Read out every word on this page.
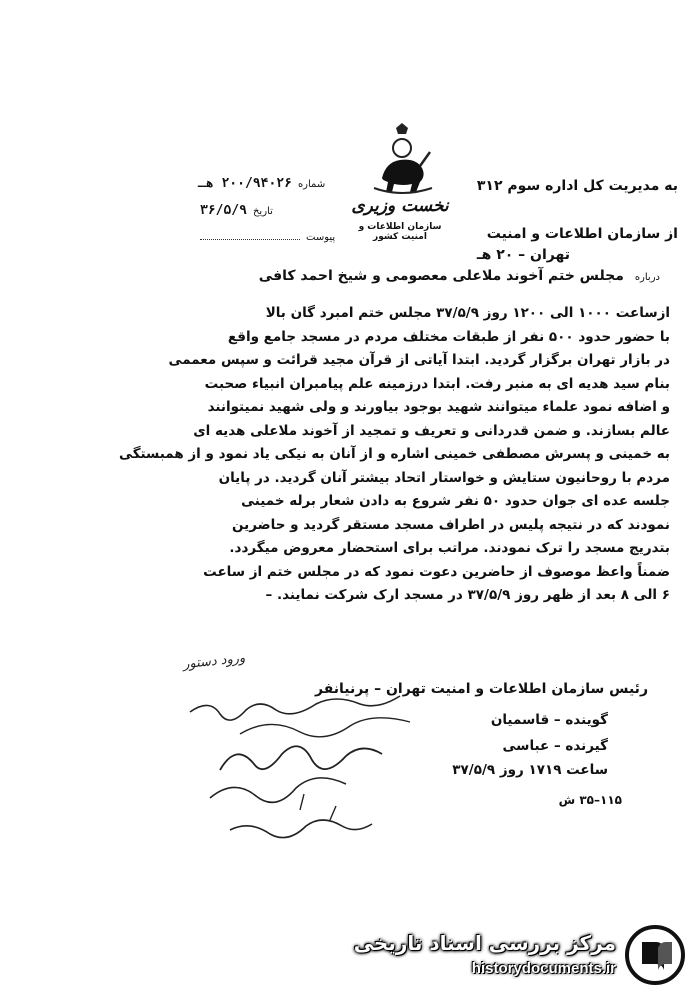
نخست وزیری
سازمان اطلاعات و امنیت کشور
به مدیریت کل اداره سوم ۳۱۲
از سازمان اطلاعات و امنیت
تهران – ۲۰ هـ
شماره
۲۰۰/۹۴۰۲۶ هـ
تاریخ
۳۶/۵/۹
پیوست
درباره مجلس ختم آخوند ملاعلی معصومی و شیخ احمد کافی

ازساعت ۱۰۰۰ الی ۱۲۰۰ روز ۳۷/۵/۹ مجلس ختم امبرد گان بالا

با حضور حدود ۵۰۰ نفر از طبقات مختلف مردم در مسجد جامع واقع

در بازار تهران برگزار گردید. ابتدا آیاتی از قرآن مجید قرائت و سپس معممی

بنام سید هدیه ای به منبر رفت. ابتدا درزمینه علم پیامبران انبیاء صحبت

و اضافه نمود علماء میتوانند شهید بوجود بیاورند و ولی شهید نمیتوانند

عالم بسازند. و ضمن قدردانی و تعریف و تمجید از آخوند ملاعلی هدیه ای

به خمینی و پسرش مصطفی خمینی اشاره و از آنان به نیکی یاد نمود و از همبستگی

مردم با روحانیون ستایش و خواستار اتحاد بیشتر آنان گردید. در پایان

جلسه عده ای جوان حدود ۵۰ نفر شروع به دادن شعار برله خمینی

نمودند که در نتیجه پلیس در اطراف مسجد مستقر گردید و حاضرین

بتدریج مسجد را ترک نمودند. مراتب برای استحضار معروض میگردد.

ضمناً واعظ موصوف از حاضرین دعوت نمود که در مجلس ختم از ساعت

۶ الی ۸ بعد از ظهر روز ۳۷/۵/۹ در مسجد ارک شرکت نمایند. –

ورود دستور
رئیس سازمان اطلاعات و امنیت تهران – پرنیانفر
گوینده – قاسمیان
گیرنده – عباسی
ساعت ۱۷۱۹ روز ۳۷/۵/۹
۱۱۵–۳۵ ش
مرکز بررسی اسناد تاریخی
historydocuments.ir
